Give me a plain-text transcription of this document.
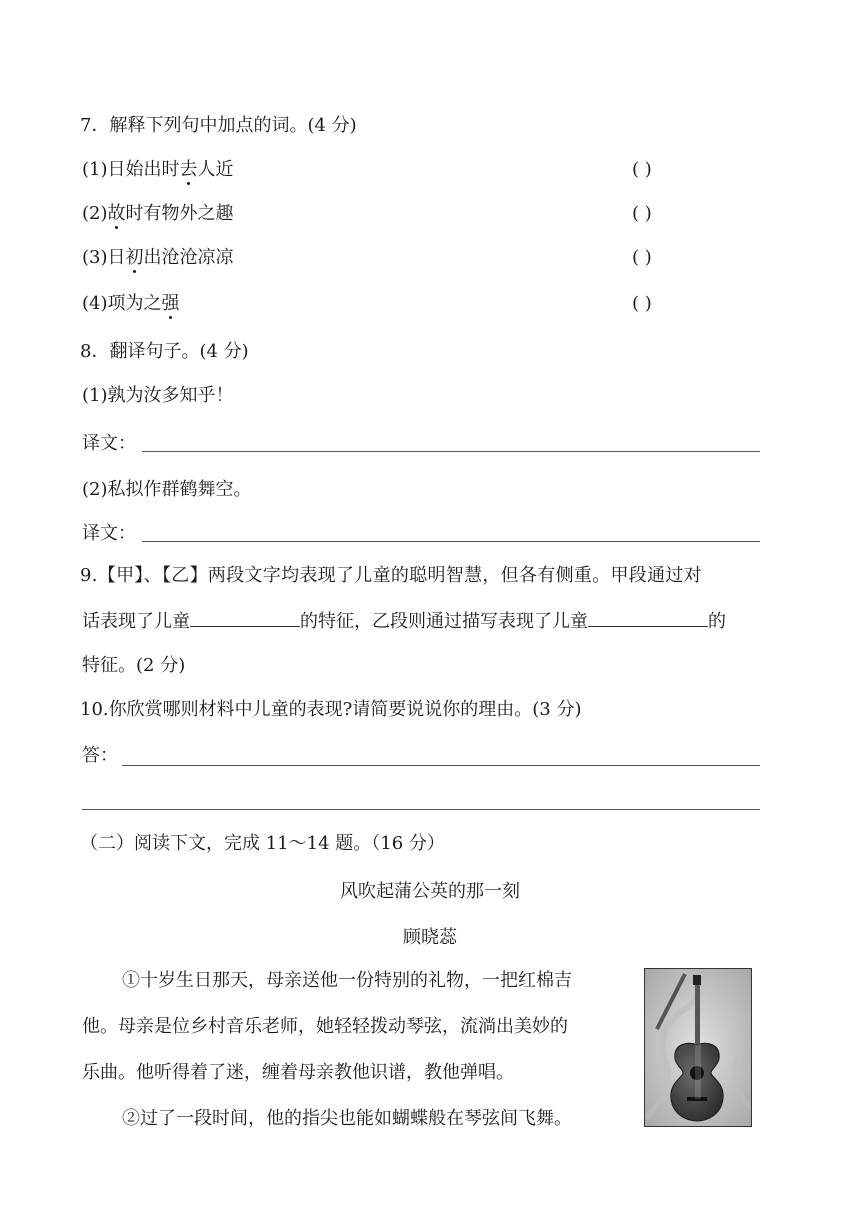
7．解释下列句中加点的词。(4 分)
(1)日始出时去人近	( )
(2)故时有物外之趣	( )
(3)日初出沧沧凉凉	( )
(4)项为之强	( )
8．翻译句子。(4 分)
(1)孰为汝多知乎！
译文：
(2)私拟作群鹤舞空。
译文：
9.【甲】、【乙】两段文字均表现了儿童的聪明智慧，但各有侧重。甲段通过对
话表现了儿童	的特征，乙段则通过描写表现了儿童	的
特征。(2 分)
10.你欣赏哪则材料中儿童的表现?请简要说说你的理由。(3 分)
答：
（二）阅读下文，完成 11～14 题。（16 分）
风吹起蒲公英的那一刻
顾晓蕊
①十岁生日那天，母亲送他一份特别的礼物，一把红棉吉
他。母亲是位乡村音乐老师，她轻轻拨动琴弦，流淌出美妙的
乐曲。他听得着了迷，缠着母亲教他识谱，教他弹唱。
②过了一段时间，他的指尖也能如蝴蝶般在琴弦间飞舞。
